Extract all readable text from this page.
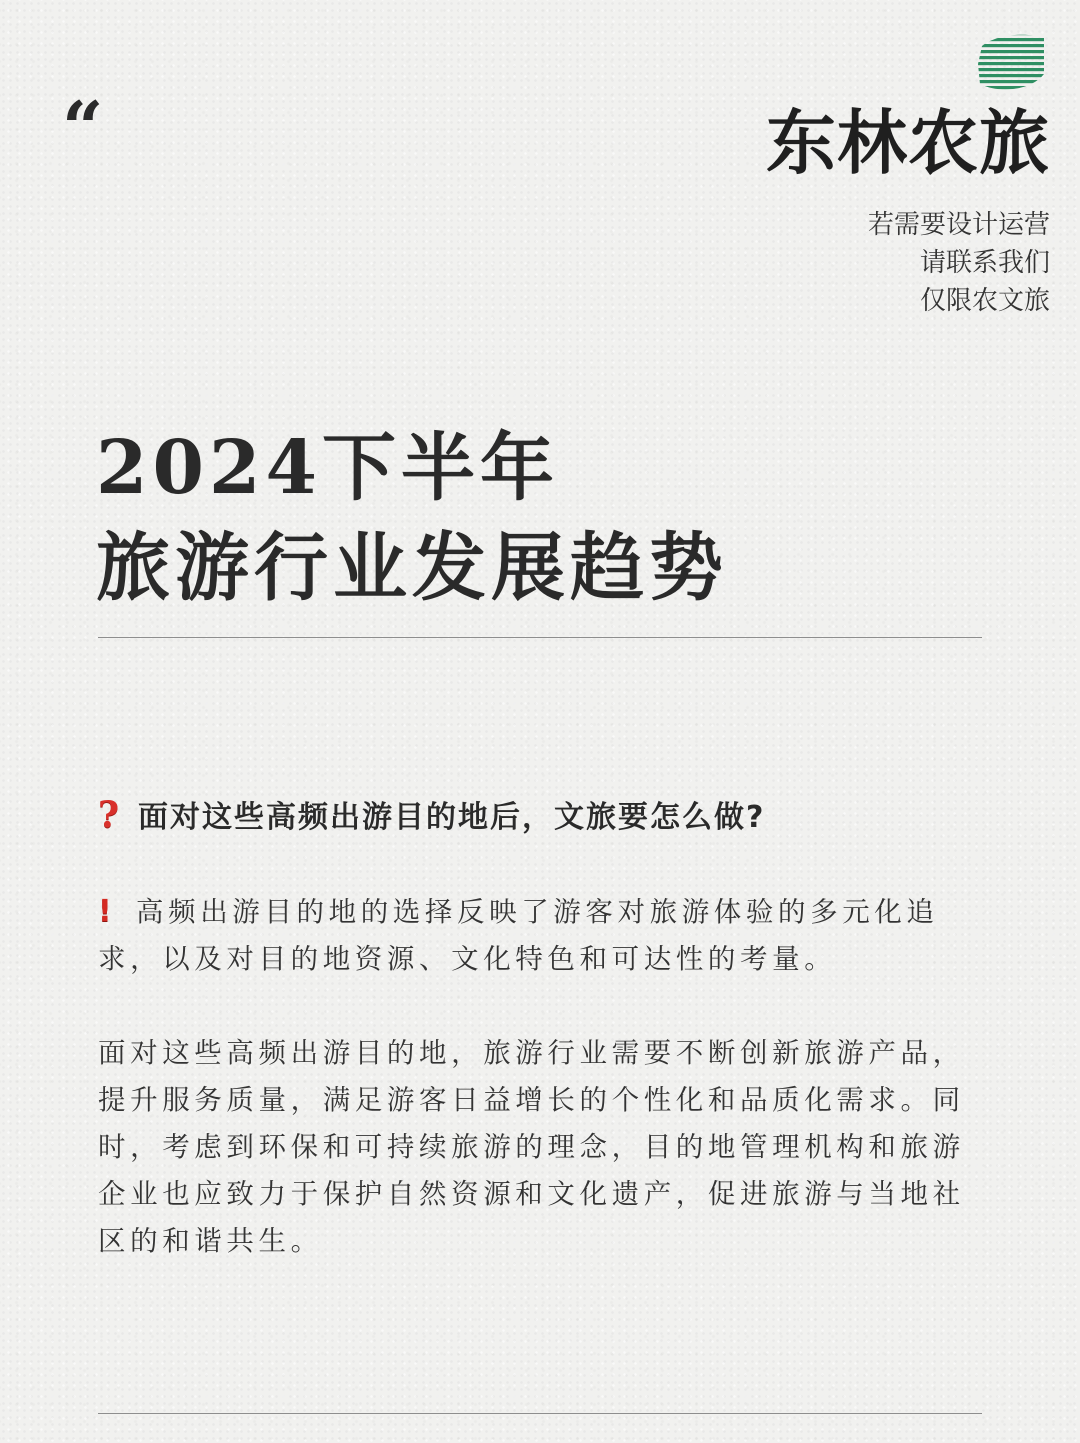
“	东林农旅
若需要设计运营
请联系我们
仅限农文旅
2024下半年
旅游行业发展趋势
? 面对这些高频出游目的地后，文旅要怎么做?
! 高频出游目的地的选择反映了游客对旅游体验的多元化追求，以及对目的地资源、文化特色和可达性的考量。
面对这些高频出游目的地，旅游行业需要不断创新旅游产品，提升服务质量，满足游客日益增长的个性化和品质化需求。同时，考虑到环保和可持续旅游的理念，目的地管理机构和旅游企业也应致力于保护自然资源和文化遗产，促进旅游与当地社区的和谐共生。
